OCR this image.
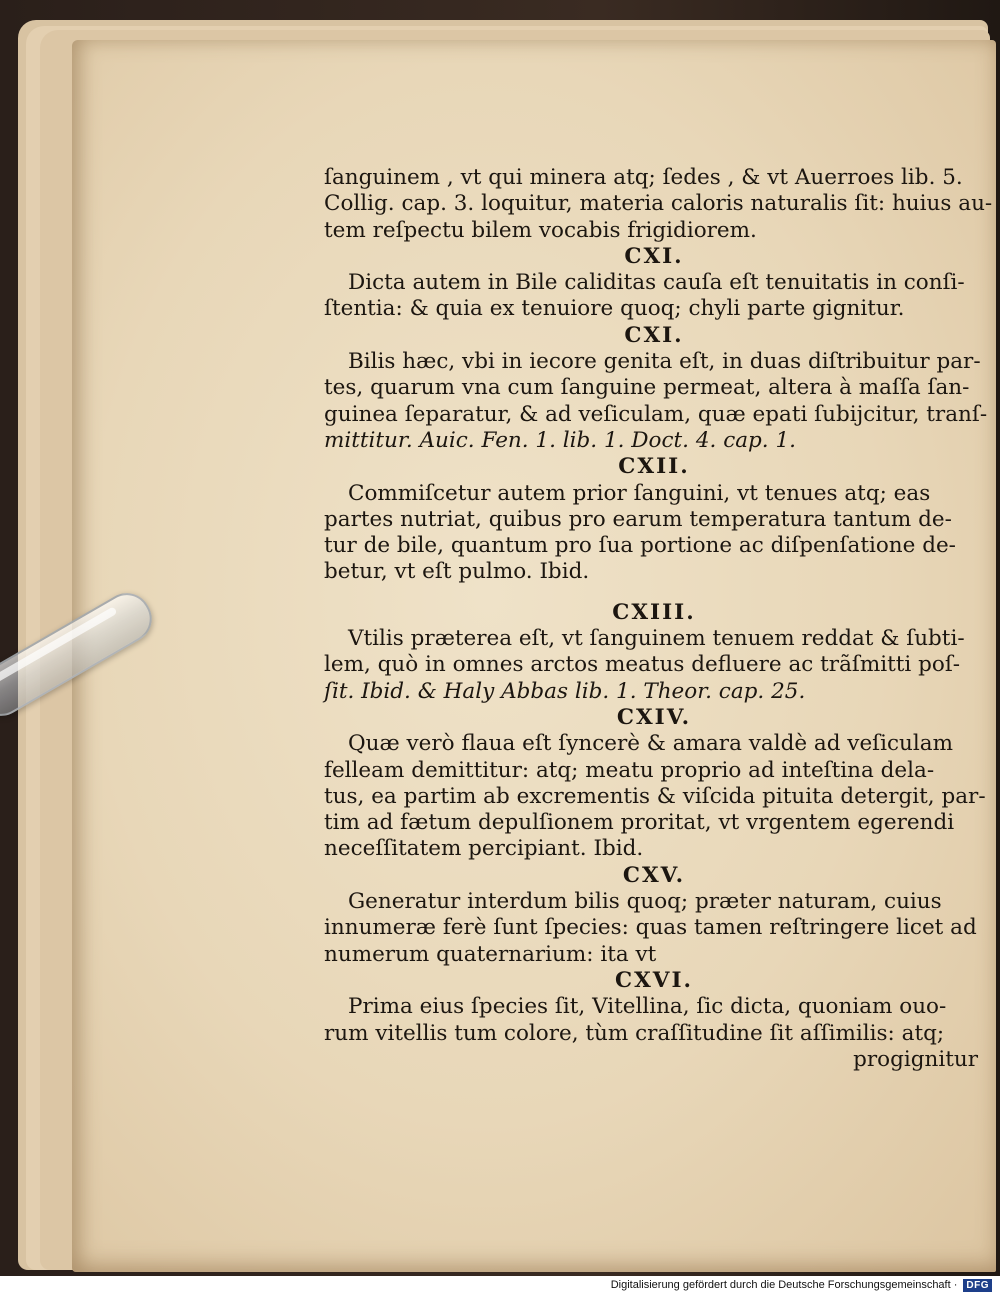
ſanguinem , vt qui minera atq; ſedes , & vt Auerroes lib. 5.
Collig. cap. 3. loquitur, materia caloris naturalis ſit: huius au-
tem reſpectu bilem vocabis frigidiorem.
CXI.
Dicta autem in Bile caliditas cauſa eſt tenuitatis in conſi-
ſtentia: & quia ex tenuiore quoq; chyli parte gignitur.
CXI.
Bilis hæc, vbi in iecore genita eſt, in duas diſtribuitur par-
tes, quarum vna cum ſanguine permeat, altera à maſſa ſan-
guinea ſeparatur, & ad veſiculam, quæ epati ſubijcitur, tranſ-
mittitur. Auic. Fen. 1. lib. 1. Doct. 4. cap. 1.
CXII.
Commiſcetur autem prior ſanguini, vt tenues atq; eas
partes nutriat, quibus pro earum temperatura tantum de-
tur de bile, quantum pro ſua portione ac diſpenſatione de-
betur, vt eſt pulmo. Ibid.
CXIII.
Vtilis præterea eſt, vt ſanguinem tenuem reddat & ſubti-
lem, quò in omnes arctos meatus defluere ac trãſmitti poſ-
ſit. Ibid. & Haly Abbas lib. 1. Theor. cap. 25.
CXIV.
Quæ verò flaua eſt ſyncerè & amara valdè ad veſiculam
felleam demittitur: atq; meatu proprio ad inteſtina dela-
tus, ea partim ab excrementis & viſcida pituita detergit, par-
tim ad fætum depulſionem proritat, vt vrgentem egerendi
neceſſitatem percipiant. Ibid.
CXV.
Generatur interdum bilis quoq; præter naturam, cuius
innumeræ ferè ſunt ſpecies: quas tamen reſtringere licet ad
numerum quaternarium: ita vt
CXVI.
Prima eius ſpecies ſit, Vitellina, ſic dicta, quoniam ouo-
rum vitellis tum colore, tùm craſſitudine ſit aſſimilis: atq;
progignitur
Digitalisierung gefördert durch die Deutsche Forschungsgemeinschaft · DFG
